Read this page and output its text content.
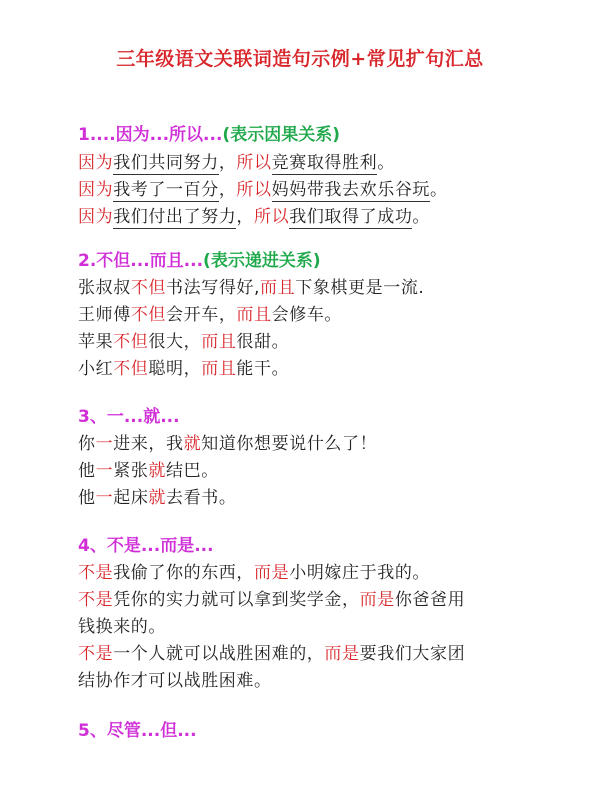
三年级语文关联词造句示例+常见扩句汇总
1....因为...所以...(表示因果关系)
因为我们共同努力，所以竞赛取得胜利。
因为我考了一百分，所以妈妈带我去欢乐谷玩。
因为我们付出了努力，所以我们取得了成功。
2.不但...而且...(表示递进关系)
张叔叔不但书法写得好,而且下象棋更是一流.
王师傅不但会开车，而且会修车。
苹果不但很大，而且很甜。
小红不但聪明，而且能干。
3、一...就...
你一进来，我就知道你想要说什么了！
他一紧张就结巴。
他一起床就去看书。
4、不是...而是...
不是我偷了你的东西，而是小明嫁庄于我的。
不是凭你的实力就可以拿到奖学金，而是你爸爸用
钱换来的。
不是一个人就可以战胜困难的，而是要我们大家团
结协作才可以战胜困难。
5、尽管...但...
